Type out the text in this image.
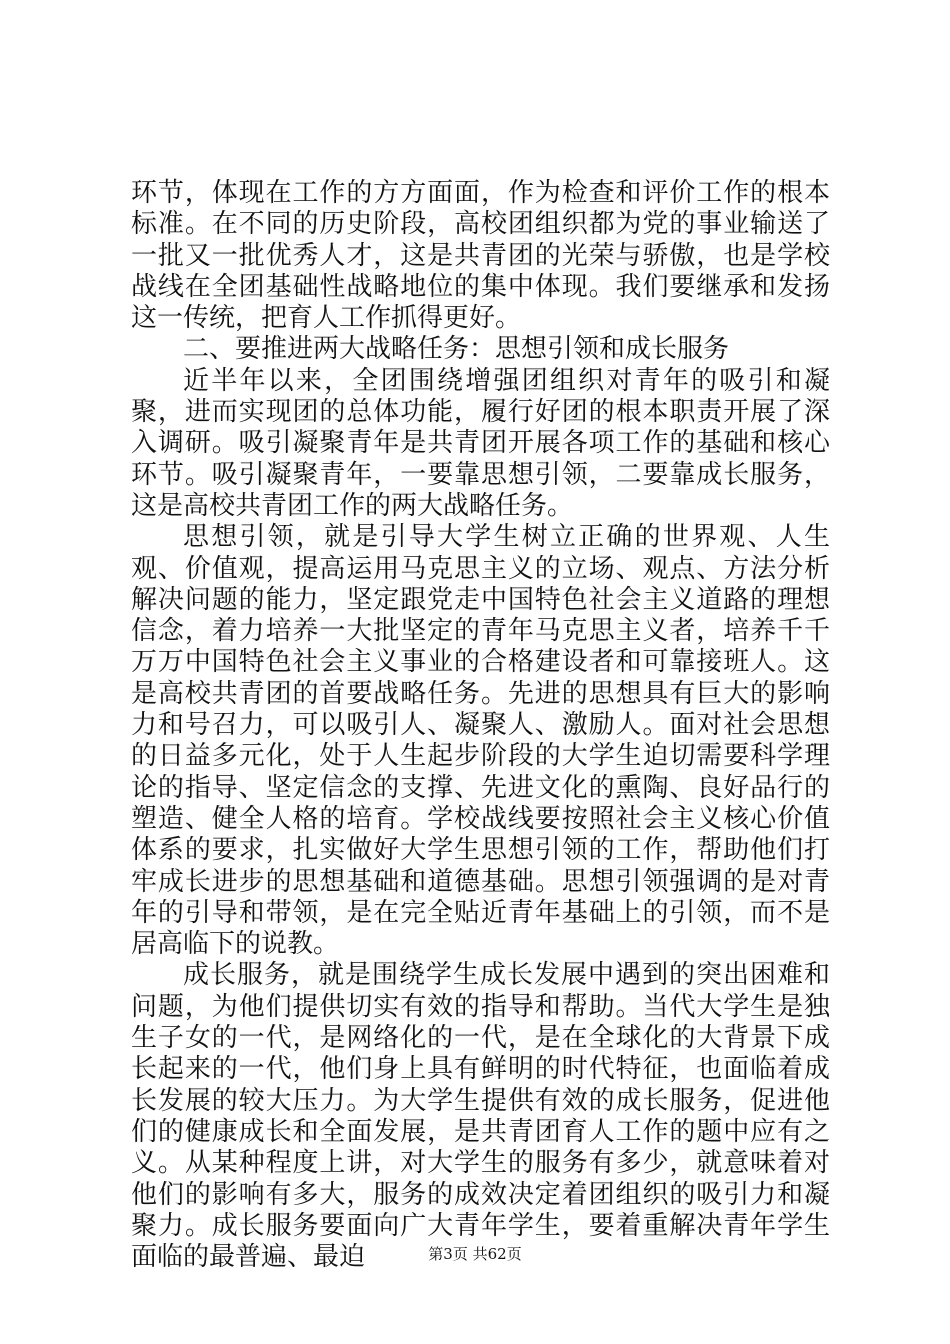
环节，体现在工作的方方面面，作为检查和评价工作的根本标准。在不同的历史阶段，高校团组织都为党的事业输送了一批又一批优秀人才，这是共青团的光荣与骄傲，也是学校战线在全团基础性战略地位的集中体现。我们要继承和发扬这一传统，把育人工作抓得更好。

二、要推进两大战略任务：思想引领和成长服务

近半年以来，全团围绕增强团组织对青年的吸引和凝聚，进而实现团的总体功能，履行好团的根本职责开展了深入调研。吸引凝聚青年是共青团开展各项工作的基础和核心环节。吸引凝聚青年，一要靠思想引领，二要靠成长服务，这是高校共青团工作的两大战略任务。

思想引领，就是引导大学生树立正确的世界观、人生观、价值观，提高运用马克思主义的立场、观点、方法分析解决问题的能力，坚定跟党走中国特色社会主义道路的理想信念，着力培养一大批坚定的青年马克思主义者，培养千千万万中国特色社会主义事业的合格建设者和可靠接班人。这是高校共青团的首要战略任务。先进的思想具有巨大的影响力和号召力，可以吸引人、凝聚人、激励人。面对社会思想的日益多元化，处于人生起步阶段的大学生迫切需要科学理论的指导、坚定信念的支撑、先进文化的熏陶、良好品行的塑造、健全人格的培育。学校战线要按照社会主义核心价值体系的要求，扎实做好大学生思想引领的工作，帮助他们打牢成长进步的思想基础和道德基础。思想引领强调的是对青年的引导和带领，是在完全贴近青年基础上的引领，而不是居高临下的说教。

成长服务，就是围绕学生成长发展中遇到的突出困难和问题，为他们提供切实有效的指导和帮助。当代大学生是独生子女的一代，是网络化的一代，是在全球化的大背景下成长起来的一代，他们身上具有鲜明的时代特征，也面临着成长发展的较大压力。为大学生提供有效的成长服务，促进他们的健康成长和全面发展，是共青团育人工作的题中应有之义。从某种程度上讲，对大学生的服务有多少，就意味着对他们的影响有多大，服务的成效决定着团组织的吸引力和凝聚力。成长服务要面向广大青年学生，要着重解决青年学生面临的最普遍、最迫	第3页 共62页
